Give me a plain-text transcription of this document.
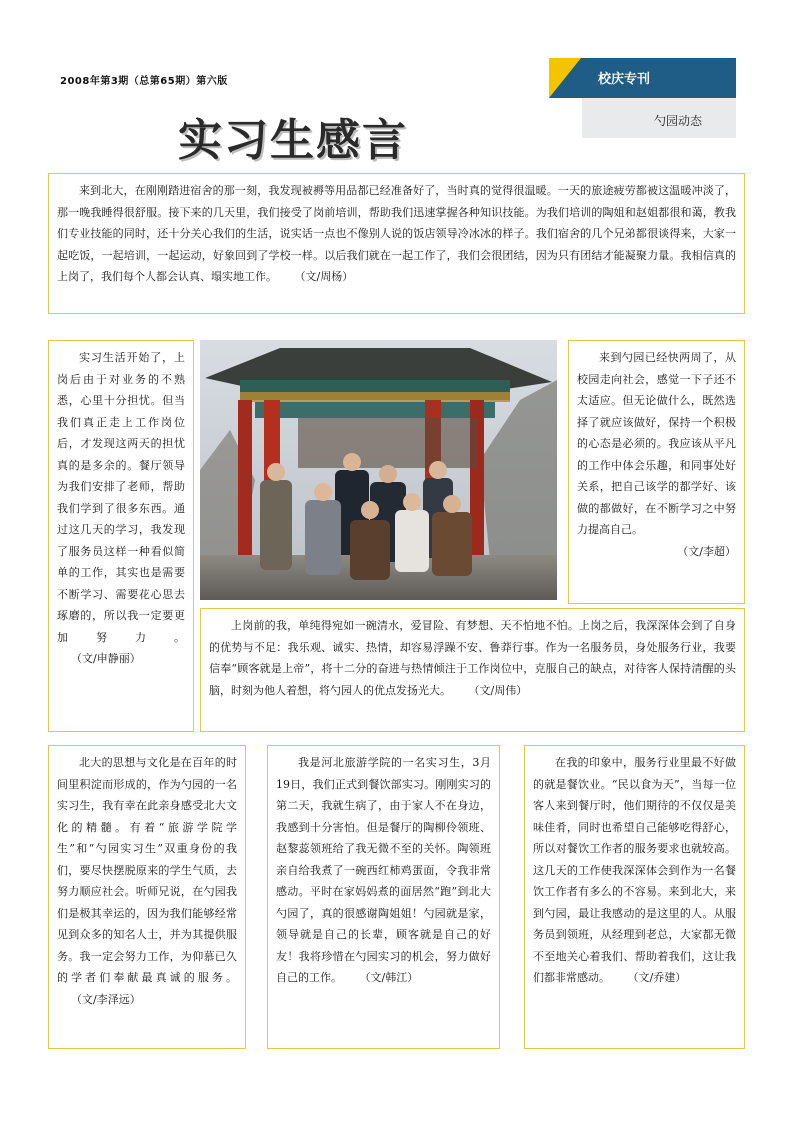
2008年第3期（总第65期）第六版
实习生感言
校庆专刊
勺园动态
来到北大，在刚刚踏进宿舍的那一刻，我发现被褥等用品都已经准备好了，当时真的觉得很温暖。一天的旅途疲劳都被这温暖冲淡了，那一晚我睡得很舒服。接下来的几天里，我们接受了岗前培训，帮助我们迅速掌握各种知识技能。为我们培训的陶姐和赵姐都很和蔼，教我们专业技能的同时，还十分关心我们的生活，说实话一点也不像别人说的饭店领导冷冰冰的样子。我们宿舍的几个兄弟都很谈得来，大家一起吃饭，一起培训，一起运动，好象回到了学校一样。以后我们就在一起工作了，我们会很团结，因为只有团结才能凝聚力量。我相信真的上岗了，我们每个人都会认真、塌实地工作。 （文/周杨）
实习生活开始了，上岗后由于对业务的不熟悉，心里十分担忧。但当我们真正走上工作岗位后，才发现这两天的担忧真的是多余的。餐厅领导为我们安排了老师，帮助我们学到了很多东西。通过这几天的学习，我发现了服务员这样一种看似简单的工作，其实也是需要不断学习、需要花心思去琢磨的，所以我一定要更加努力。 （文/申静丽）
来到勺园已经快两周了，从校园走向社会，感觉一下子还不太适应。但无论做什么，既然选择了就应该做好，保持一个积极的心态是必须的。我应该从平凡的工作中体会乐趣，和同事处好关系，把自己该学的都学好、该做的都做好，在不断学习之中努力提高自己。
（文/李超）
上岗前的我，单纯得宛如一碗清水，爱冒险、有梦想、天不怕地不怕。上岗之后，我深深体会到了自身的优势与不足：我乐观、诚实、热情，却容易浮躁不安、鲁莽行事。作为一名服务员，身处服务行业，我要信奉“顾客就是上帝”，将十二分的奋进与热情倾注于工作岗位中，克服自己的缺点，对待客人保持清醒的头脑，时刻为他人着想，将勺园人的优点发扬光大。 （文/周伟）
北大的思想与文化是在百年的时间里积淀而形成的，作为勺园的一名实习生，我有幸在此亲身感受北大文化的精髓。有着“旅游学院学生”和“勺园实习生”双重身份的我们，要尽快摆脱原来的学生气质，去努力顺应社会。听师兄说，在勺园我们是极其幸运的，因为我们能够经常见到众多的知名人士，并为其提供服务。我一定会努力工作，为仰慕已久的学者们奉献最真诚的服务。 （文/李泽远）
我是河北旅游学院的一名实习生，3月19日，我们正式到餐饮部实习。刚刚实习的第二天，我就生病了，由于家人不在身边，我感到十分害怕。但是餐厅的陶柳伶领班、赵黎蕊领班给了我无微不至的关怀。陶领班亲自给我煮了一碗西红柿鸡蛋面，令我非常感动。平时在家妈妈煮的面居然“跑”到北大勺园了，真的很感谢陶姐姐！勺园就是家，领导就是自己的长辈，顾客就是自己的好友！我将珍惜在勺园实习的机会，努力做好自己的工作。 （文/韩江）
在我的印象中，服务行业里最不好做的就是餐饮业。“民以食为天”，当每一位客人来到餐厅时，他们期待的不仅仅是美味佳肴，同时也希望自己能够吃得舒心，所以对餐饮工作者的服务要求也就较高。这几天的工作使我深深体会到作为一名餐饮工作者有多么的不容易。来到北大，来到勺园，最让我感动的是这里的人。从服务员到领班，从经理到老总，大家都无微不至地关心着我们、帮助着我们，这让我们都非常感动。 （文/乔建）
